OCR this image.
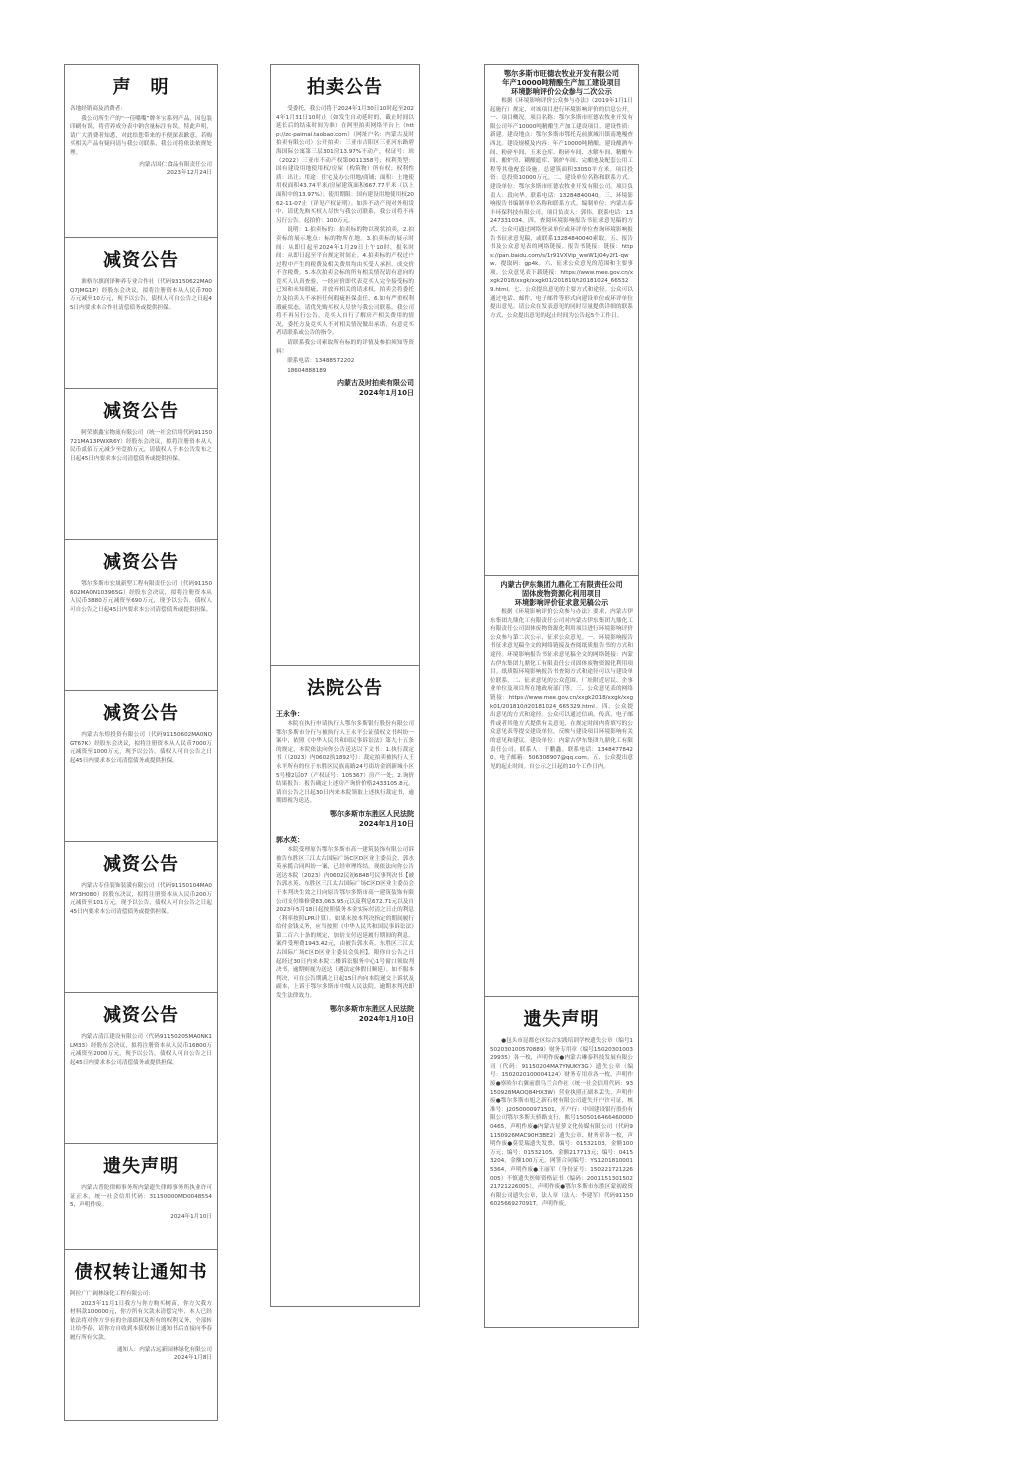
声　明

各地经销商及消费者：

我公司所生产的“一佳嘴嘴”牌冬宝系列产品，因包装印刷有误，将营养成分表中钠含量标注有误，特此声明，请广大消费者知悉，对此给您带来的不便深表歉意。若购买相关产品有疑问请与我公司联系，我公司将依法依规处理。

内蒙古国仁食品有限责任公司
2023年12月24日
减资公告

准格尔旗润泽种养专业合作社（代码93150622MA0Q7JMG1P）经股东会决议，拟将注册资本从人民币700万元减至10万元，现予以公告，债权人可自公告之日起45日内要求本合作社清偿债务或提供担保。

减资公告

阿荣旗鑫宝物流有限公司（统一社会信用代码91150721MA13PWXR6Y）经股东会决议，拟将注册资本从人民币贰佰万元减少至壹拾万元，请债权人于本公告发布之日起45日内要求本公司清偿债务或提供担保。

减资公告

鄂尔多斯市宏晟新型工程有限责任公司（代码91150602MA0N103965G）经股东会决议，拟将注册资本从人民币3880万元减资至690万元，现予以公告，债权人可自公告之日起45日内要求本公司清偿债务或提供担保。

减资公告

内蒙古东煌投资有限公司（代码91150602MA0NQGT67K）经股东会决议，拟将注册资本从人民币7000万元减资至1000万元，现予以公告，债权人可自公告之日起45日内要求本公司清偿债务或提供担保。

减资公告

内蒙古专佳装饰装潢有限公司（代码91150104MA0MY3H080）经股东决议，拟将注册资本从人民币200万元减资至101万元，现予以公告，债权人可自公告之日起45日内要求本公司清偿债务或提供担保。

减资公告

内蒙古清江建设有限公司（代码91150205MA0NK1LM33）经股东会决议，拟将注册资本从人民币16800万元减资至2000万元，现予以公告，债权人可自公告之日起45日内要求本公司清偿债务或提供担保。

遗失声明

内蒙古普陀律师事务所内蒙遗失律师事务所执业许可证正本，统一社会信用代码：31150000MD00485545，声明作废。

2024年1月10日
债权转让通知书

阿拉广广阔林绿化工程有限公司：

2023年11月1日我方与你方购买树苗，你方欠我方材料款100000元，你方所有欠款未清偿完毕，本人已经依法将对你方享有的全部债权及所有的权利义务，全部转让给李春，请你方自收到本债权转让通知书后直接向李春履行所有欠款。

通知人：内蒙古远新园林绿化有限公司
2024年1月8日
拍卖公告

受委托，我公司将于2024年1月30日10时起至2024年1月31日10时止（如发生自动延时的，截止时间以延长后的结束时间为准）在阿里拍卖网络平台上（http://zc-paimai.taobao.com）（网址户名：内蒙古及时拍卖有限公司）公开拍卖：三亚市吉阳区三亚河东路碧海国际公寓第三层301房13.97%不动产，权证号：琼（2022）三亚市不动产权第0011358号；权利类型：国有建设用地使用权/房屋（构筑物）所有权；权利性质：出让；用途：住宅及办公用地/商铺；面积：土地使用权面积43.74平米/房屋建筑面积667.77平米（以上面积中的13.97%）；使用期限：国有建设用地使用权2062-11-07止（详见产权证明）。如涉不动产现对外租赁中，请优先购买权人尽快与我公司联系，我公司将不再另行公告。起拍价：100万元。

说明：1.拍卖标的：拍卖标的物以现状拍卖。2.拍卖标的展示地点：标的物所在地。3.拍卖标的展示时间：从即日起至2024年1月29日上午10时，报名时间：从即日起至平台规定时间止。4.拍卖标的产权过户过程中产生的税费及相关费用均由买受人承担，成交价不含税费。5.本次拍卖会标的所有相关情况请有意向的竞买人认真查验，一经应价即代表竞买人完全接受标的已知和未知瑕疵，并放弃相关的请求权，拍卖会将委托方及拍卖人不承担任何瑕疵担保责任。6.如有严重权利瑕疵状态，请优先购买权人尽快与我公司联系，我公司将不再另行公告，竞买人自行了解房产相关费用的情况，委托方及竞买人不对相关情况做出承诺，有意竞买者请联系或公告的指令。

请联系我公司索取所有标的的详情及参拍须知等资料！

联系电话：13488572202

18604888189

内蒙古及时拍卖有限公司
2024年1月10日
法院公告
王永争：

本院在执行申请执行人鄂尔多斯银行股份有限公司鄂尔多斯市分行与被执行人王永平公证债权文书纠纷一案中，依照《中华人民共和国民事诉讼法》第九十五条的规定，本院依法向你公告送达以下文书：1.执行裁定书（（2023）内0602执1892号）：裁定拍卖被执行人王永平所有的位于东胜区民族南路24号街坊金润新城小区5号楼2层07（产权证号：105367）房产一处；2.询价结果报告：报告确定上述房产询价价格2433105.8元。请自公告之日起30日内来本院领取上述执行裁定书，逾期即视为送达。

鄂尔多斯市东胜区人民法院
2024年1月10日
郭水英：

本院受理原告鄂尔多斯市高一建筑装饰有限公司诉被告东胜区三江太古国际广场C区D区业主委员会、郭水英承揽合同纠纷一案，已经审理终结。现依法向你公告送达本院（2023）内0602民初6848号民事判决书【被告郭水英、东胜区三江太古国际广场C区D区业主委员会于本判决生效之日向原告鄂尔多斯市高一建筑装饰有限公司支付维修费83,063.95元以及利息672.71元以及自2023年5月18日起按照债务本金实际付清之日止的利息（利率按照LPR计算）。如果未按本判决指定的期间履行给付金钱义务，应当按照《中华人民共和国民事诉讼法》第二百六十条的规定，加倍支付迟延履行期间的利息。案件受理费1943.42元，由被告郭水英、东胜区三江太古国际广场C区D区业主委员会负担】。限你自公告之日起经过30日内来本院二楼诉讼服务中心1号窗口领取判决书，逾期则视为送达（遇法定休假日顺延）。如不服本判决，可在公告期满之日起15日内向本院递交上诉状及副本，上诉于鄂尔多斯市中级人民法院。逾期本判决即发生法律效力。

鄂尔多斯市东胜区人民法院
2024年1月10日
鄂尔多斯市旺德农牧业开发有限公司
年产10000吨精酿生产加工建设项目
环境影响评价公众参与二次公示

根据《环境影响评价公众参与办法》（2019年1月1日起施行）规定，对该项目进行环境影响评价的信息公开。一、项目概况。项目名称：鄂尔多斯市旺德农牧业开发有限公司年产10000吨精酿生产加工建设项目。建设性质：新建。建设地点：鄂尔多斯市鄂托克前旗城川镇南地嘎查西北。建设规模及内容：年产10000吨精酿，建设酿酒车间、粉碎车间、玉米仓库、粉碎车间、水解车间、精酿车间、酿炉房、糊酿遮库、锅炉车间、完酿池及配套公用工程等其他配套设施。总建筑面积33050平方米。项目投资：总投资10000万元。二、建设单位名称和联系方式。建设单位：鄂尔多斯市旺德农牧业开发有限公司。项目负责人：段向华。联系电话：13284840040。三、环境影响报告书编制单位名称和联系方式。编制单位：内蒙古泰丰环保科技有限公司。项目负责人：郭伟。联系电话：13247331034。四、查阅环境影响报告书征求意见稿的方式、公众可通过网络登录单位或环评单位查询环境影响报告书征求意见稿，或联系13284840040索取。五、报告书及公众意见表的网络链接。报告书链接：链接：https://pan.baidu.com/s/1r91VXVip_wwW1j04y2f1-qww，提取码：gp4k。六、征求公众意见的范围和主要事项。公众意见表下载链接：https://www.mee.gov.cn/xxgk2018/xxgk/xxgk01/201810/t20181024_665329.html。七、公众提出意见的主要方式和途径。公众可以通过电话、邮件、电子邮件等形式向建设单位或环评单位提出意见。请公众在发表意见的同时尽量提供详细的联系方式，公众提出意见的起止时间为公告起5个工作日。

内蒙古伊东集团九鼎化工有限责任公司
固体废物资源化利用项目
环境影响评价征求意见稿公示

根据《环境影响评价公众参与办法》要求，内蒙古伊东集团九鼎化工有限责任公司对内蒙古伊东集团九鼎化工有限责任公司固体废物资源化利用项目进行环境影响评价公众参与第二次公示，征求公众意见。一、环境影响报告书征求意见稿全文的网络链接及查阅纸质报告书的方式和途径。环境影响报告书征求意见稿全文的网络链接：内蒙古伊东集团九鼎化工有限责任公司固体废物资源化利用项目。纸质版环境影响报告书查阅方式和途径可以与建设单位联系。二、征求意见的公众范围。厂址附近居民、企事业单位及项目所在地政府部门等。三、公众意见表的网络链接：https://www.mee.gov.cn/xxgk2018/xxgk/xxgk01/201810/t20181024_665329.html。四、公众提出意见的方式和途径。公众可以通过信函、传真、电子邮件或者其他方式提供有关意见，在规定时间内将填写的公众意见表等提交建设单位，反映与建设项目环境影响有关的意见和建议。建设单位：内蒙古伊东集团九鼎化工有限责任公司。联系人：于鹏鑫。联系电话：13484778420。电子邮箱：506308907@qq.com。五、公众提出意见的起止时间。自公示之日起的10个工作日内。

遗失声明

●包头市昆都仑区综合实践培训学校遗失公章（编号1502030100570889）财务专用章（编号1502030100329935）各一枚，声明作废●内蒙古琳泰科技发展有限公司（代码：91150204MA7YNUKY3G）遗失公章（编号：1502020100004124）财务专用章各一枚，声明作废●察哈尔右翼前旗乌兰合作社（统一社会信用代码：93150928MAOQ84HX3W）营业执照正副本丢失，声明作废●鄂尔多斯市旭之新石材有限公司遗失开户许可证，核准号：J2050000971501，开户行：中国建设银行股份有限公司鄂尔多斯天骄路支行，账号15050164664600000465，声明作废●内蒙古星萝文化传媒有限公司（代码91150926MAC90H3BE2）遗失公章、财务章各一枚，声明作废●莫爱瑞遗失发票，编号：01532103，金额100万元；编号：01532105，金额217713元；编号：04153204，金额100万元，网签合同编号：YS12018100015364，声明作废●王丽军（身份证号：150221721226005）不慎遗失医师资格证书（编码：200115130150221721226005），声明作废●鄂尔多斯市东胜区蒙初政资有限公司遗失公章，法人章（法人：李建军）代码91150602566927091T，声明作废。
